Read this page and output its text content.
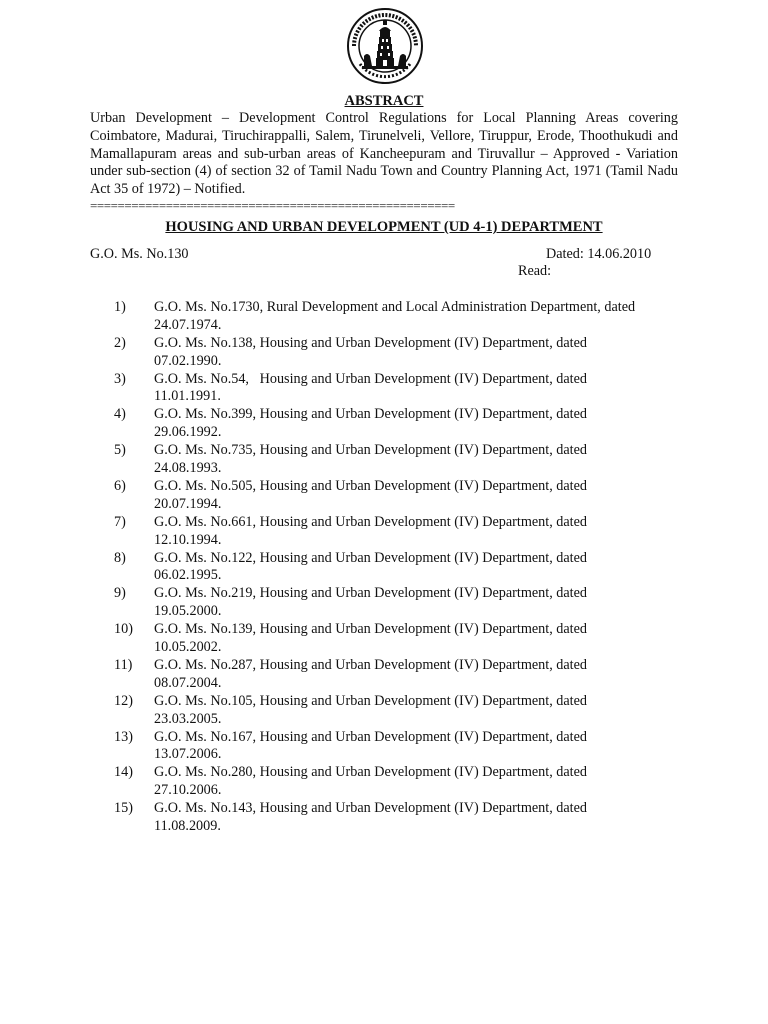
ABSTRACT
Urban Development – Development Control Regulations for Local Planning Areas covering Coimbatore, Madurai, Tiruchirappalli, Salem, Tirunelveli, Vellore, Tiruppur, Erode, Thoothukudi and Mamallapuram areas and sub-urban areas of Kancheepuram and Tiruvallur – Approved - Variation under sub-section (4) of section 32 of Tamil Nadu Town and Country Planning Act, 1971 (Tamil Nadu Act 35 of 1972) – Notified.
=====================================================
HOUSING AND URBAN DEVELOPMENT (UD 4-1) DEPARTMENT
G.O. Ms. No.130	Dated: 14.06.2010
Read:
1) G.O. Ms. No.1730, Rural Development and Local Administration Department, dated 24.07.1974.
2) G.O. Ms. No.138, Housing and Urban Development (IV) Department, dated 07.02.1990.
3) G.O. Ms. No.54,   Housing and Urban Development (IV) Department, dated 11.01.1991.
4) G.O. Ms. No.399, Housing and Urban Development (IV) Department, dated 29.06.1992.
5) G.O. Ms. No.735, Housing and Urban Development (IV) Department, dated 24.08.1993.
6) G.O. Ms. No.505, Housing and Urban Development (IV) Department, dated 20.07.1994.
7) G.O. Ms. No.661, Housing and Urban Development (IV) Department, dated 12.10.1994.
8) G.O. Ms. No.122, Housing and Urban Development (IV) Department, dated 06.02.1995.
9) G.O. Ms. No.219, Housing and Urban Development (IV) Department, dated 19.05.2000.
10) G.O. Ms. No.139, Housing and Urban Development (IV) Department, dated 10.05.2002.
11) G.O. Ms. No.287, Housing and Urban Development (IV) Department, dated 08.07.2004.
12) G.O. Ms. No.105, Housing and Urban Development (IV) Department, dated 23.03.2005.
13) G.O. Ms. No.167, Housing and Urban Development (IV) Department, dated 13.07.2006.
14) G.O. Ms. No.280, Housing and Urban Development (IV) Department, dated 27.10.2006.
15) G.O. Ms. No.143, Housing and Urban Development (IV) Department, dated 11.08.2009.
